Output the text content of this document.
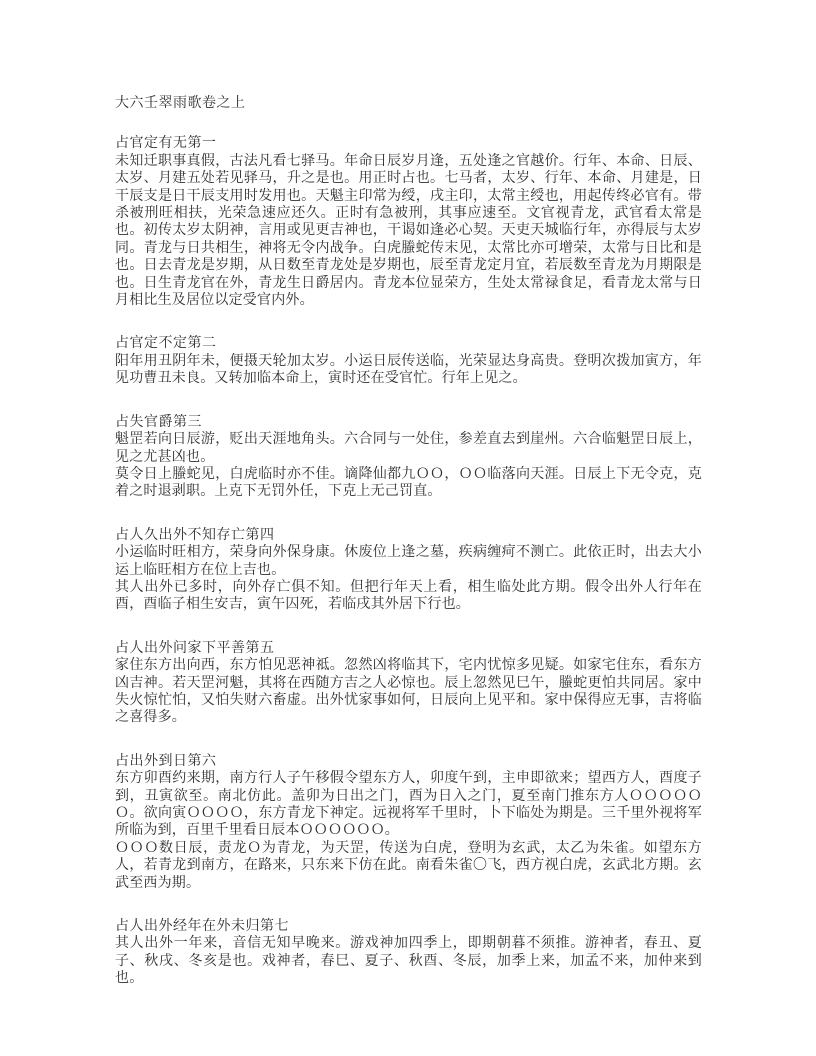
大六壬翠雨歌卷之上
占官定有无第一

未知迁职事真假，古法凡看七驿马。年命日辰岁月逢，五处逢之官越价。行年、本命、日辰、太岁、月建五处若见驿马，升之是也。用正时占也。七马者，太岁、行年、本命、月建是，日干辰支是日干辰支用时发用也。天魁主印常为绶，戌主印，太常主绶也，用起传终必官有。带杀被刑旺相扶，光荣急速应还久。正时有急被刑，其事应速至。文官视青龙，武官看太常是也。初传太岁太阴神，言用或见更吉神也，干谒如逢必心契。天吏天城临行年，亦得辰与太岁同。青龙与日共相生，神将无令内战争。白虎螣蛇传末见，太常比亦可增荣，太常与日比和是也。日去青龙是岁期，从日数至青龙处是岁期也，辰至青龙定月宜，若辰数至青龙为月期限是也。日生青龙官在外，青龙生日爵居内。青龙本位显荣方，生处太常禄食足，看青龙太常与日月相比生及居位以定受官内外。

占官定不定第二

阳年用丑阴年未，便摄天轮加太岁。小运日辰传送临，光荣显达身高贵。登明次拨加寅方，年见功曹丑未良。又转加临本命上，寅时还在受官忙。行年上见之。

占失官爵第三

魁罡若向日辰游，贬出天涯地角头。六合同与一处住，参差直去到崖州。六合临魁罡日辰上，见之尤甚凶也。

莫令日上螣蛇见，白虎临时亦不佳。谪降仙都九ＯＯ，ＯＯ临落向天涯。日辰上下无令克，克着之时退剥职。上克下无罚外任，下克上无己罚直。

占人久出外不知存亡第四

小运临时旺相方，荣身向外保身康。休废位上逢之墓，疾病缠疴不测亡。此依正时，出去大小运上临旺相方在位上吉也。

其人出外已多时，向外存亡俱不知。但把行年天上看，相生临处此方期。假令出外人行年在酉，酉临子相生安吉，寅午囚死，若临戌其外居下行也。

占人出外问家下平善第五

家住东方出向西，东方怕见恶神祗。忽然凶将临其下，宅内忧惊多见疑。如家宅住东，看东方凶吉神。若天罡河魁，其将在西随方吉之人必惊也。辰上忽然见巳午，螣蛇更怕共同居。家中失火惊忙怕，又怕失财六畜虚。出外忧家事如何，日辰向上见平和。家中保得应无事，吉将临之喜得多。

占出外到日第六

东方卯酉约来期，南方行人子午移假令望东方人，卯度午到，主申即欲来；望西方人，酉度子到，丑寅欲至。南北仿此。盖卯为日出之门，酉为日入之门，夏至南门推东方人ＯＯＯＯＯＯ。欲向寅ＯＯＯＯ，东方青龙下神定。远视将军千里时，卜下临处为期是。三千里外视将军所临为到，百里千里看日辰本ＯＯＯＯＯＯ。

ＯＯＯ数日辰，责龙Ｏ为青龙，为天罡，传送为白虎，登明为玄武，太乙为朱雀。如望东方人，若青龙到南方，在路来，只东来下仿在此。南看朱雀〇飞，西方视白虎，玄武北方期。玄武至西为期。

占人出外经年在外未归第七

其人出外一年来，音信无知早晚来。游戏神加四季上，即期朝暮不须推。游神者，春丑、夏子、秋戌、冬亥是也。戏神者，春巳、夏子、秋酉、冬辰，加季上来，加孟不来，加仲来到也。
